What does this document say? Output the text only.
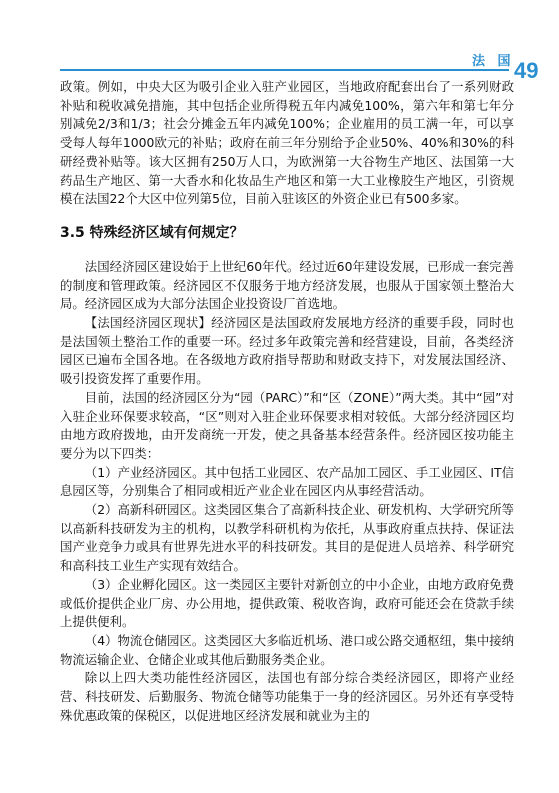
法 国 49

政策。例如，中央大区为吸引企业入驻产业园区，当地政府配套出台了一系列财政补贴和税收减免措施，其中包括企业所得税五年内减免100%，第六年和第七年分别减免2/3和1/3；社会分摊金五年内减免100%；企业雇用的员工满一年，可以享受每人每年1000欧元的补贴；政府在前三年分别给予企业50%、40%和30%的科研经费补贴等。该大区拥有250万人口，为欧洲第一大谷物生产地区、法国第一大药品生产地区、第一大香水和化妆品生产地区和第一大工业橡胶生产地区，引资规模在法国22个大区中位列第5位，目前入驻该区的外资企业已有500多家。

3.5 特殊经济区域有何规定？

法国经济园区建设始于上世纪60年代。经过近60年建设发展，已形成一套完善的制度和管理政策。经济园区不仅服务于地方经济发展，也服从于国家领土整治大局。经济园区成为大部分法国企业投资设厂首选地。

【法国经济园区现状】经济园区是法国政府发展地方经济的重要手段，同时也是法国领土整治工作的重要一环。经过多年政策完善和经营建设，目前，各类经济园区已遍布全国各地。在各级地方政府指导帮助和财政支持下，对发展法国经济、吸引投资发挥了重要作用。

目前，法国的经济园区分为“园（PARC）”和“区（ZONE）”两大类。其中“园”对入驻企业环保要求较高，“区”则对入驻企业环保要求相对较低。大部分经济园区均由地方政府拨地，由开发商统一开发，使之具备基本经营条件。经济园区按功能主要分为以下四类：

（1）产业经济园区。其中包括工业园区、农产品加工园区、手工业园区、IT信息园区等，分别集合了相同或相近产业企业在园区内从事经营活动。

（2）高新科研园区。这类园区集合了高新科技企业、研发机构、大学研究所等以高新科技研发为主的机构，以教学科研机构为依托，从事政府重点扶持、保证法国产业竞争力或具有世界先进水平的科技研发。其目的是促进人员培养、科学研究和高科技工业生产实现有效结合。

（3）企业孵化园区。这一类园区主要针对新创立的中小企业，由地方政府免费或低价提供企业厂房、办公用地，提供政策、税收咨询，政府可能还会在贷款手续上提供便利。

（4）物流仓储园区。这类园区大多临近机场、港口或公路交通枢纽，集中接纳物流运输企业、仓储企业或其他后勤服务类企业。

除以上四大类功能性经济园区，法国也有部分综合类经济园区，即将产业经营、科技研发、后勤服务、物流仓储等功能集于一身的经济园区。另外还有享受特殊优惠政策的保税区，以促进地区经济发展和就业为主的
